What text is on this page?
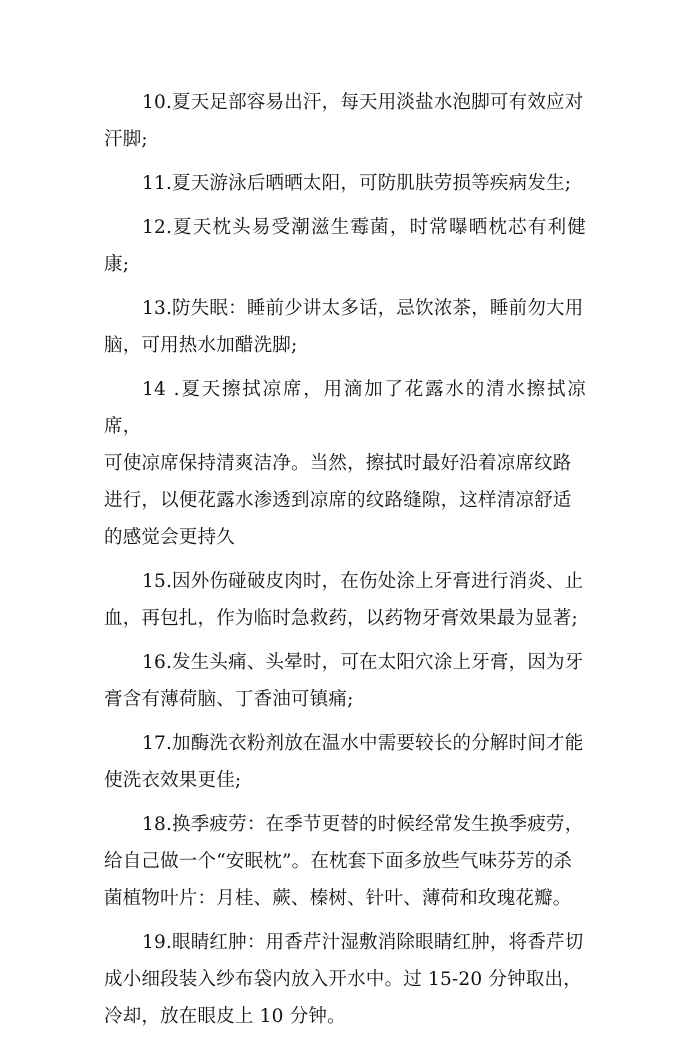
10.夏天足部容易出汗，每天用淡盐水泡脚可有效应对
汗脚;

11.夏天游泳后晒晒太阳，可防肌肤劳损等疾病发生;

12.夏天枕头易受潮滋生霉菌，时常曝晒枕芯有利健康;

13.防失眠：睡前少讲太多话，忌饮浓茶，睡前勿大用
脑，可用热水加醋洗脚;

14 .夏天擦拭凉席，用滴加了花露水的清水擦拭凉席，
可使凉席保持清爽洁净。当然，擦拭时最好沿着凉席纹路
进行，以便花露水渗透到凉席的纹路缝隙，这样清凉舒适
的感觉会更持久

15.因外伤碰破皮肉时，在伤处涂上牙膏进行消炎、止
血，再包扎，作为临时急救药，以药物牙膏效果最为显著;

16.发生头痛、头晕时，可在太阳穴涂上牙膏，因为牙
膏含有薄荷脑、丁香油可镇痛;

17.加酶洗衣粉剂放在温水中需要较长的分解时间才能
使洗衣效果更佳;

18.换季疲劳：在季节更替的时候经常发生换季疲劳，
给自己做一个“安眠枕”。在枕套下面多放些气味芬芳的杀
菌植物叶片：月桂、蕨、榛树、针叶、薄荷和玫瑰花瓣。

19.眼睛红肿：用香芹汁湿敷消除眼睛红肿，将香芹切
成小细段装入纱布袋内放入开水中。过 15-20 分钟取出，
冷却，放在眼皮上 10 分钟。
